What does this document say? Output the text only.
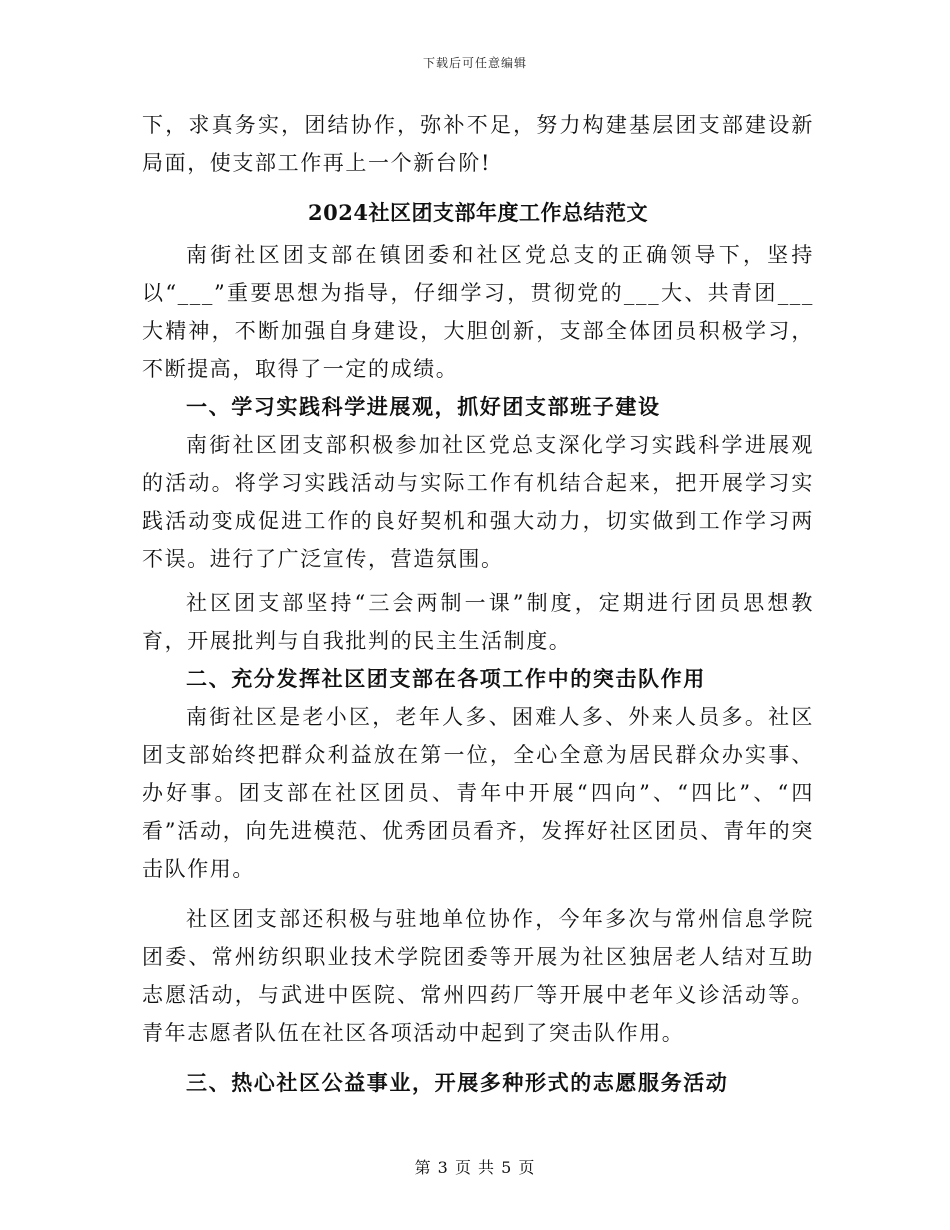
下载后可任意编辑

下，求真务实，团结协作，弥补不足，努力构建基层团支部建设新局面，使支部工作再上一个新台阶!

2024社区团支部年度工作总结范文

南街社区团支部在镇团委和社区党总支的正确领导下，坚持以“___”重要思想为指导，仔细学习，贯彻党的___大、共青团___大精神，不断加强自身建设，大胆创新，支部全体团员积极学习，不断提高，取得了一定的成绩。

一、学习实践科学进展观，抓好团支部班子建设

南街社区团支部积极参加社区党总支深化学习实践科学进展观的活动。将学习实践活动与实际工作有机结合起来，把开展学习实践活动变成促进工作的良好契机和强大动力，切实做到工作学习两不误。进行了广泛宣传，营造氛围。

社区团支部坚持“三会两制一课”制度，定期进行团员思想教育，开展批判与自我批判的民主生活制度。

二、充分发挥社区团支部在各项工作中的突击队作用

南街社区是老小区，老年人多、困难人多、外来人员多。社区团支部始终把群众利益放在第一位，全心全意为居民群众办实事、办好事。团支部在社区团员、青年中开展“四向”、“四比”、“四看”活动，向先进模范、优秀团员看齐，发挥好社区团员、青年的突击队作用。

社区团支部还积极与驻地单位协作，今年多次与常州信息学院团委、常州纺织职业技术学院团委等开展为社区独居老人结对互助志愿活动，与武进中医院、常州四药厂等开展中老年义诊活动等。青年志愿者队伍在社区各项活动中起到了突击队作用。

三、热心社区公益事业，开展多种形式的志愿服务活动

第 3 页 共 5 页
